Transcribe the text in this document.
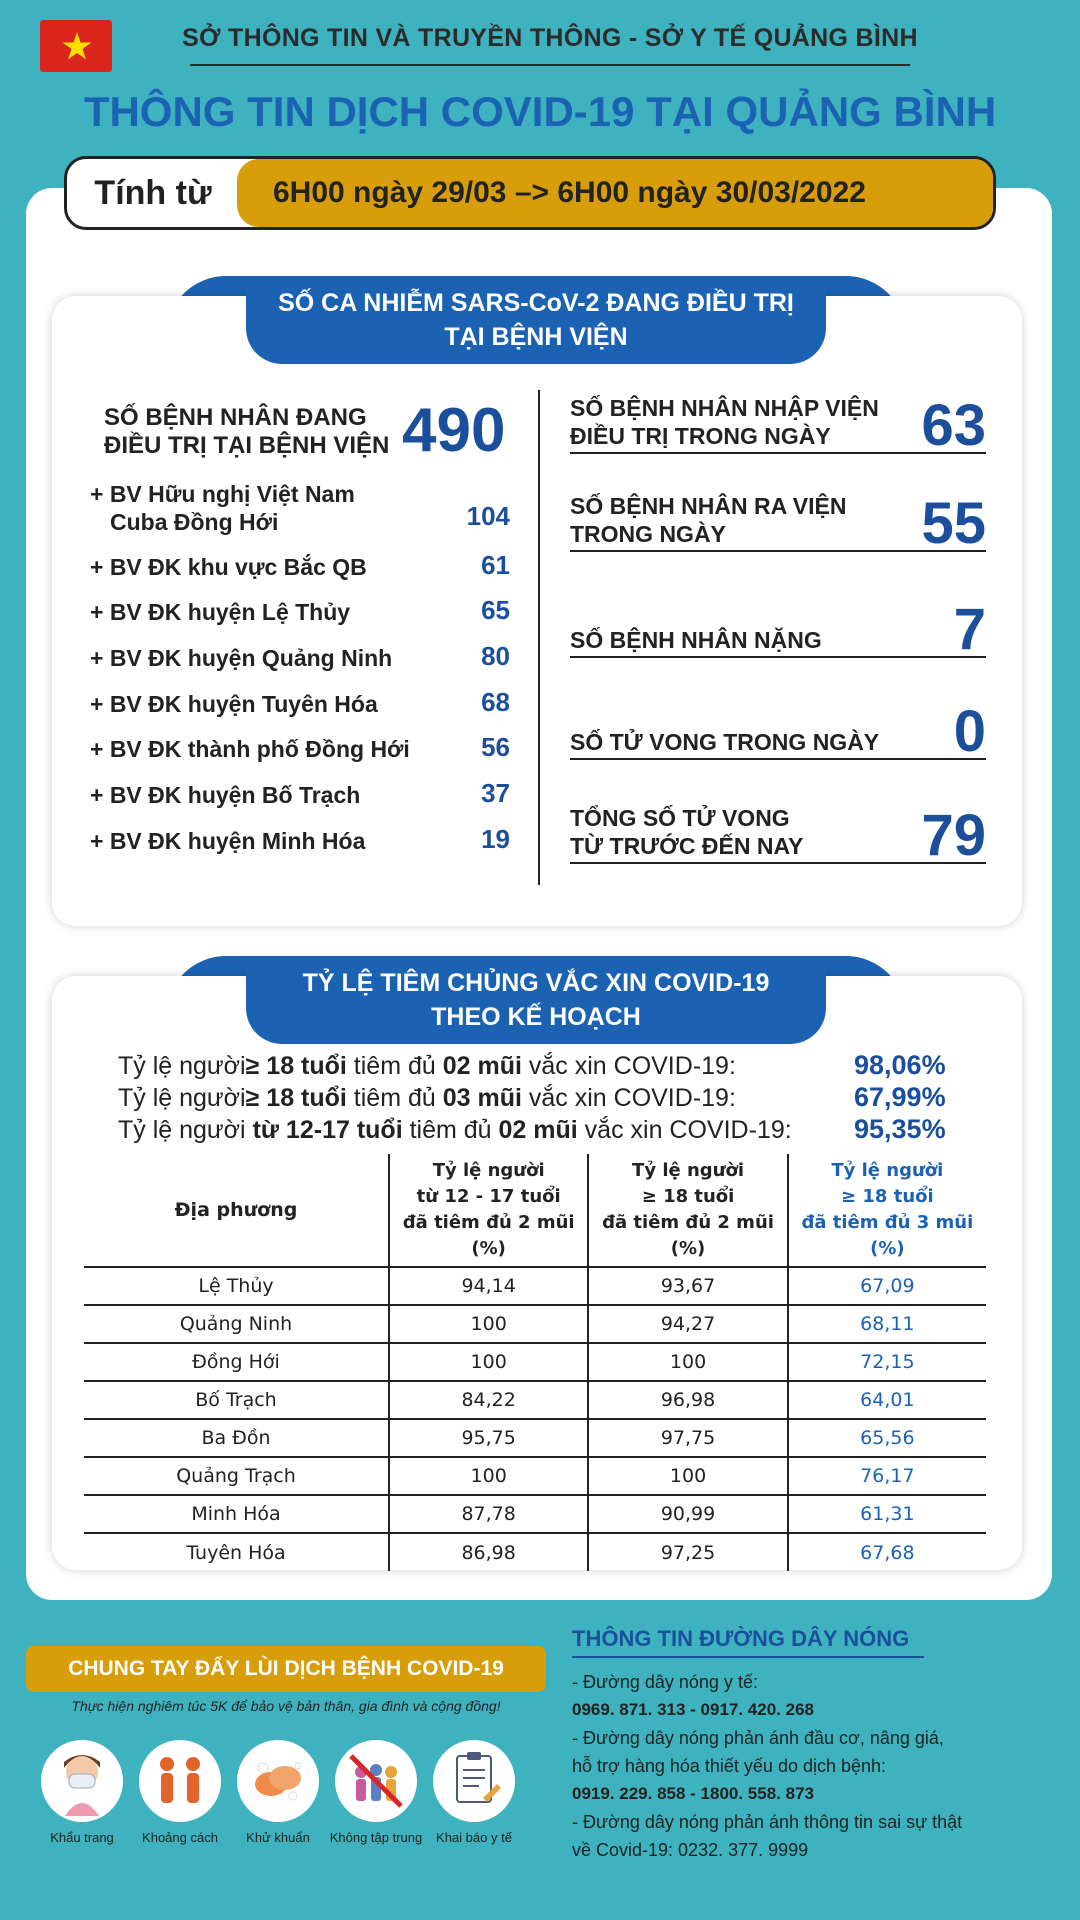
SỞ THÔNG TIN VÀ TRUYỀN THÔNG - SỞ Y TẾ QUẢNG BÌNH
THÔNG TIN DỊCH COVID-19 TẠI QUẢNG BÌNH
Tính từ	6H00 ngày 29/03 –> 6H00 ngày 30/03/2022
SỐ CA NHIỄM SARS-CoV-2 ĐANG ĐIỀU TRỊ
TẠI BỆNH VIỆN
SỐ BỆNH NHÂN ĐANG
ĐIỀU TRỊ TẠI BỆNH VIỆN 490
+ BV Hữu nghị Việt Nam
Cuba Đồng Hới	104
+ BV ĐK khu vực Bắc QB	61
+ BV ĐK huyện Lệ Thủy	65
+ BV ĐK huyện Quảng Ninh	80
+ BV ĐK huyện Tuyên Hóa	68
+ BV ĐK thành phố Đồng Hới	56
+ BV ĐK huyện Bố Trạch	37
+ BV ĐK huyện Minh Hóa	19
SỐ BỆNH NHÂN NHẬP VIỆN
ĐIỀU TRỊ TRONG NGÀY	63
SỐ BỆNH NHÂN RA VIỆN
TRONG NGÀY	55
SỐ BỆNH NHÂN NẶNG 7
SỐ TỬ VONG TRONG NGÀY 0
TỔNG SỐ TỬ VONG
TỪ TRƯỚC ĐẾN NAY 79
TỶ LỆ TIÊM CHỦNG VẮC XIN COVID-19
THEO KẾ HOẠCH
Tỷ lệ người≥ 18 tuổi tiêm đủ 02 mũi vắc xin COVID-19:	98,06%
Tỷ lệ người≥ 18 tuổi tiêm đủ 03 mũi vắc xin COVID-19:	67,99%
Tỷ lệ người từ 12-17 tuổi tiêm đủ 02 mũi vắc xin COVID-19: 95,35%
Địa phương	Tỷ lệ người
từ 12 - 17 tuổi
đã tiêm đủ 2 mũi
(%)	Tỷ lệ người
≥ 18 tuổi
đã tiêm đủ 2 mũi
(%)	Tỷ lệ người
≥ 18 tuổi
đã tiêm đủ 3 mũi
(%)
Lệ Thủy	94,14	93,67	67,09
Quảng Ninh	100	94,27	68,11
Đồng Hới	100	100	72,15
Bố Trạch	84,22	96,98	64,01
Ba Đồn	95,75	97,75	65,56
Quảng Trạch	100	100	76,17
Minh Hóa	87,78	90,99	61,31
Tuyên Hóa	86,98	97,25	67,68
CHUNG TAY ĐẨY LÙI DỊCH BỆNH COVID-19
Thực hiện nghiêm túc 5K để bảo vệ bản thân, gia đình và cộng đồng!
Khẩu trang	Khoảng cách	Khử khuẩn	Không tập trung	Khai báo y tế
THÔNG TIN ĐƯỜNG DÂY NÓNG
- Đường dây nóng y tế:
0969. 871. 313 - 0917. 420. 268
- Đường dây nóng phản ánh đầu cơ, nâng giá,
hỗ trợ hàng hóa thiết yếu do dịch bệnh:
0919. 229. 858 - 1800. 558. 873
- Đường dây nóng phản ánh thông tin sai sự thật
về Covid-19: 0232. 377. 9999
